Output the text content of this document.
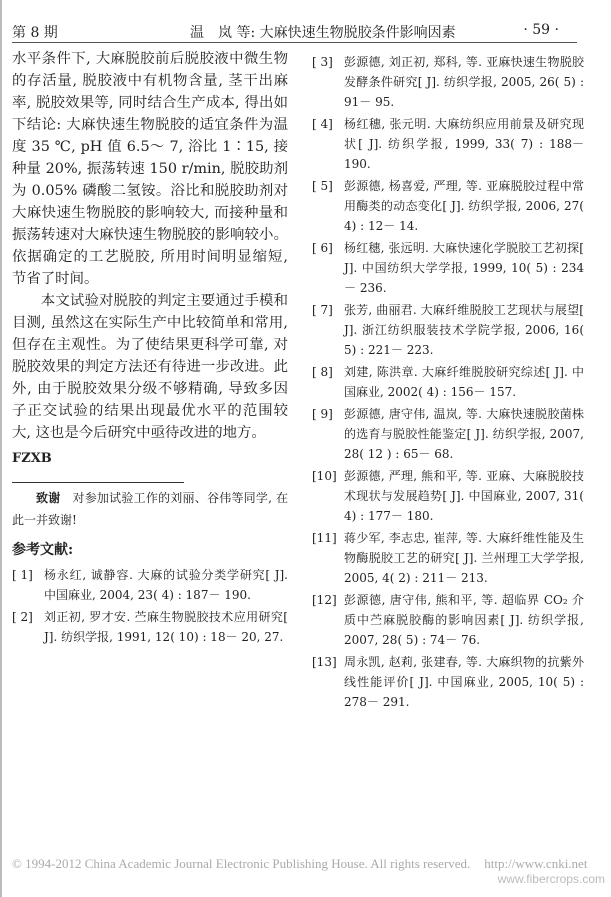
第 8 期	温　岚 等: 大麻快速生物脱胶条件影响因素	· 59 ·

水平条件下, 大麻脱胶前后脱胶液中微生物的存活量, 脱胶液中有机物含量, 茎干出麻率, 脱胶效果等, 同时结合生产成本, 得出如下结论: 大麻快速生物脱胶的适宜条件为温度 35 ℃, pH 值 6.5～ 7, 浴比 1∶15, 接种量 20%, 振荡转速 150 r/min, 脱胶助剂为 0.05% 磷酸二氢铵。浴比和脱胶助剂对大麻快速生物脱胶的影响较大, 而接种量和振荡转速对大麻快速生物脱胶的影响较小。依据确定的工艺脱胶, 所用时间明显缩短, 节省了时间。

本文试验对脱胶的判定主要通过手模和目测, 虽然这在实际生产中比较简单和常用, 但存在主观性。为了使结果更科学可靠, 对脱胶效果的判定方法还有待进一步改进。此外, 由于脱胶效果分级不够精确, 导致多因子正交试验的结果出现最优水平的范围较大, 这也是今后研究中亟待改进的地方。

FZXB

致谢 对参加试验工作的刘丽、谷伟等同学, 在此一并致谢!

参考文献:

[ 1] 杨永红, 诚静容. 大麻的试验分类学研究[ J]. 中国麻业, 2004, 23( 4) : 187－ 190.
[ 2] 刘正初, 罗才安. 苎麻生物脱胶技术应用研究[ J]. 纺织学报, 1991, 12( 10) : 18－ 20, 27.
[ 3] 彭源德, 刘正初, 郑科, 等. 亚麻快速生物脱胶发酵条件研究[ J]. 纺织学报, 2005, 26( 5) : 91－ 95.
[ 4] 杨红穗, 张元明. 大麻纺织应用前景及研究现状[ J]. 纺织学报, 1999, 33( 7) : 188－ 190.
[ 5] 彭源德, 杨喜爱, 严理, 等. 亚麻脱胶过程中常用酶类的动态变化[ J]. 纺织学报, 2006, 27( 4) : 12－ 14.
[ 6] 杨红穗, 张远明. 大麻快速化学脱胶工艺初探[ J]. 中国纺织大学学报, 1999, 10( 5) : 234－ 236.
[ 7] 张芳, 曲丽君. 大麻纤维脱胶工艺现状与展望[ J]. 浙江纺织服装技术学院学报, 2006, 16( 5) : 221－ 223.
[ 8] 刘建, 陈洪章. 大麻纤维脱胶研究综述[ J]. 中国麻业, 2002( 4) : 156－ 157.
[ 9] 彭源德, 唐守伟, 温岚, 等. 大麻快速脱胶菌株的选育与脱胶性能鉴定[ J]. 纺织学报, 2007, 28( 12 ) : 65－ 68.
[10] 彭源德, 严理, 熊和平, 等. 亚麻、大麻脱胶技术现状与发展趋势[ J]. 中国麻业, 2007, 31( 4) : 177－ 180.
[11] 蒋少军, 李志忠, 崔萍, 等. 大麻纤维性能及生物酶脱胶工艺的研究[ J]. 兰州理工大学学报, 2005, 4( 2) : 211－ 213.
[12] 彭源德, 唐守伟, 熊和平, 等. 超临界 CO₂ 介质中苎麻脱胶酶的影响因素[ J]. 纺织学报, 2007, 28( 5) : 74－ 76.
[13] 周永凯, 赵莉, 张建春, 等. 大麻织物的抗紫外线性能评价[ J]. 中国麻业, 2005, 10( 5) : 278－ 291.
© 1994-2012 China Academic Journal Electronic Publishing House. All rights reserved. http://www.cnki.net
www.fibercrops.com
